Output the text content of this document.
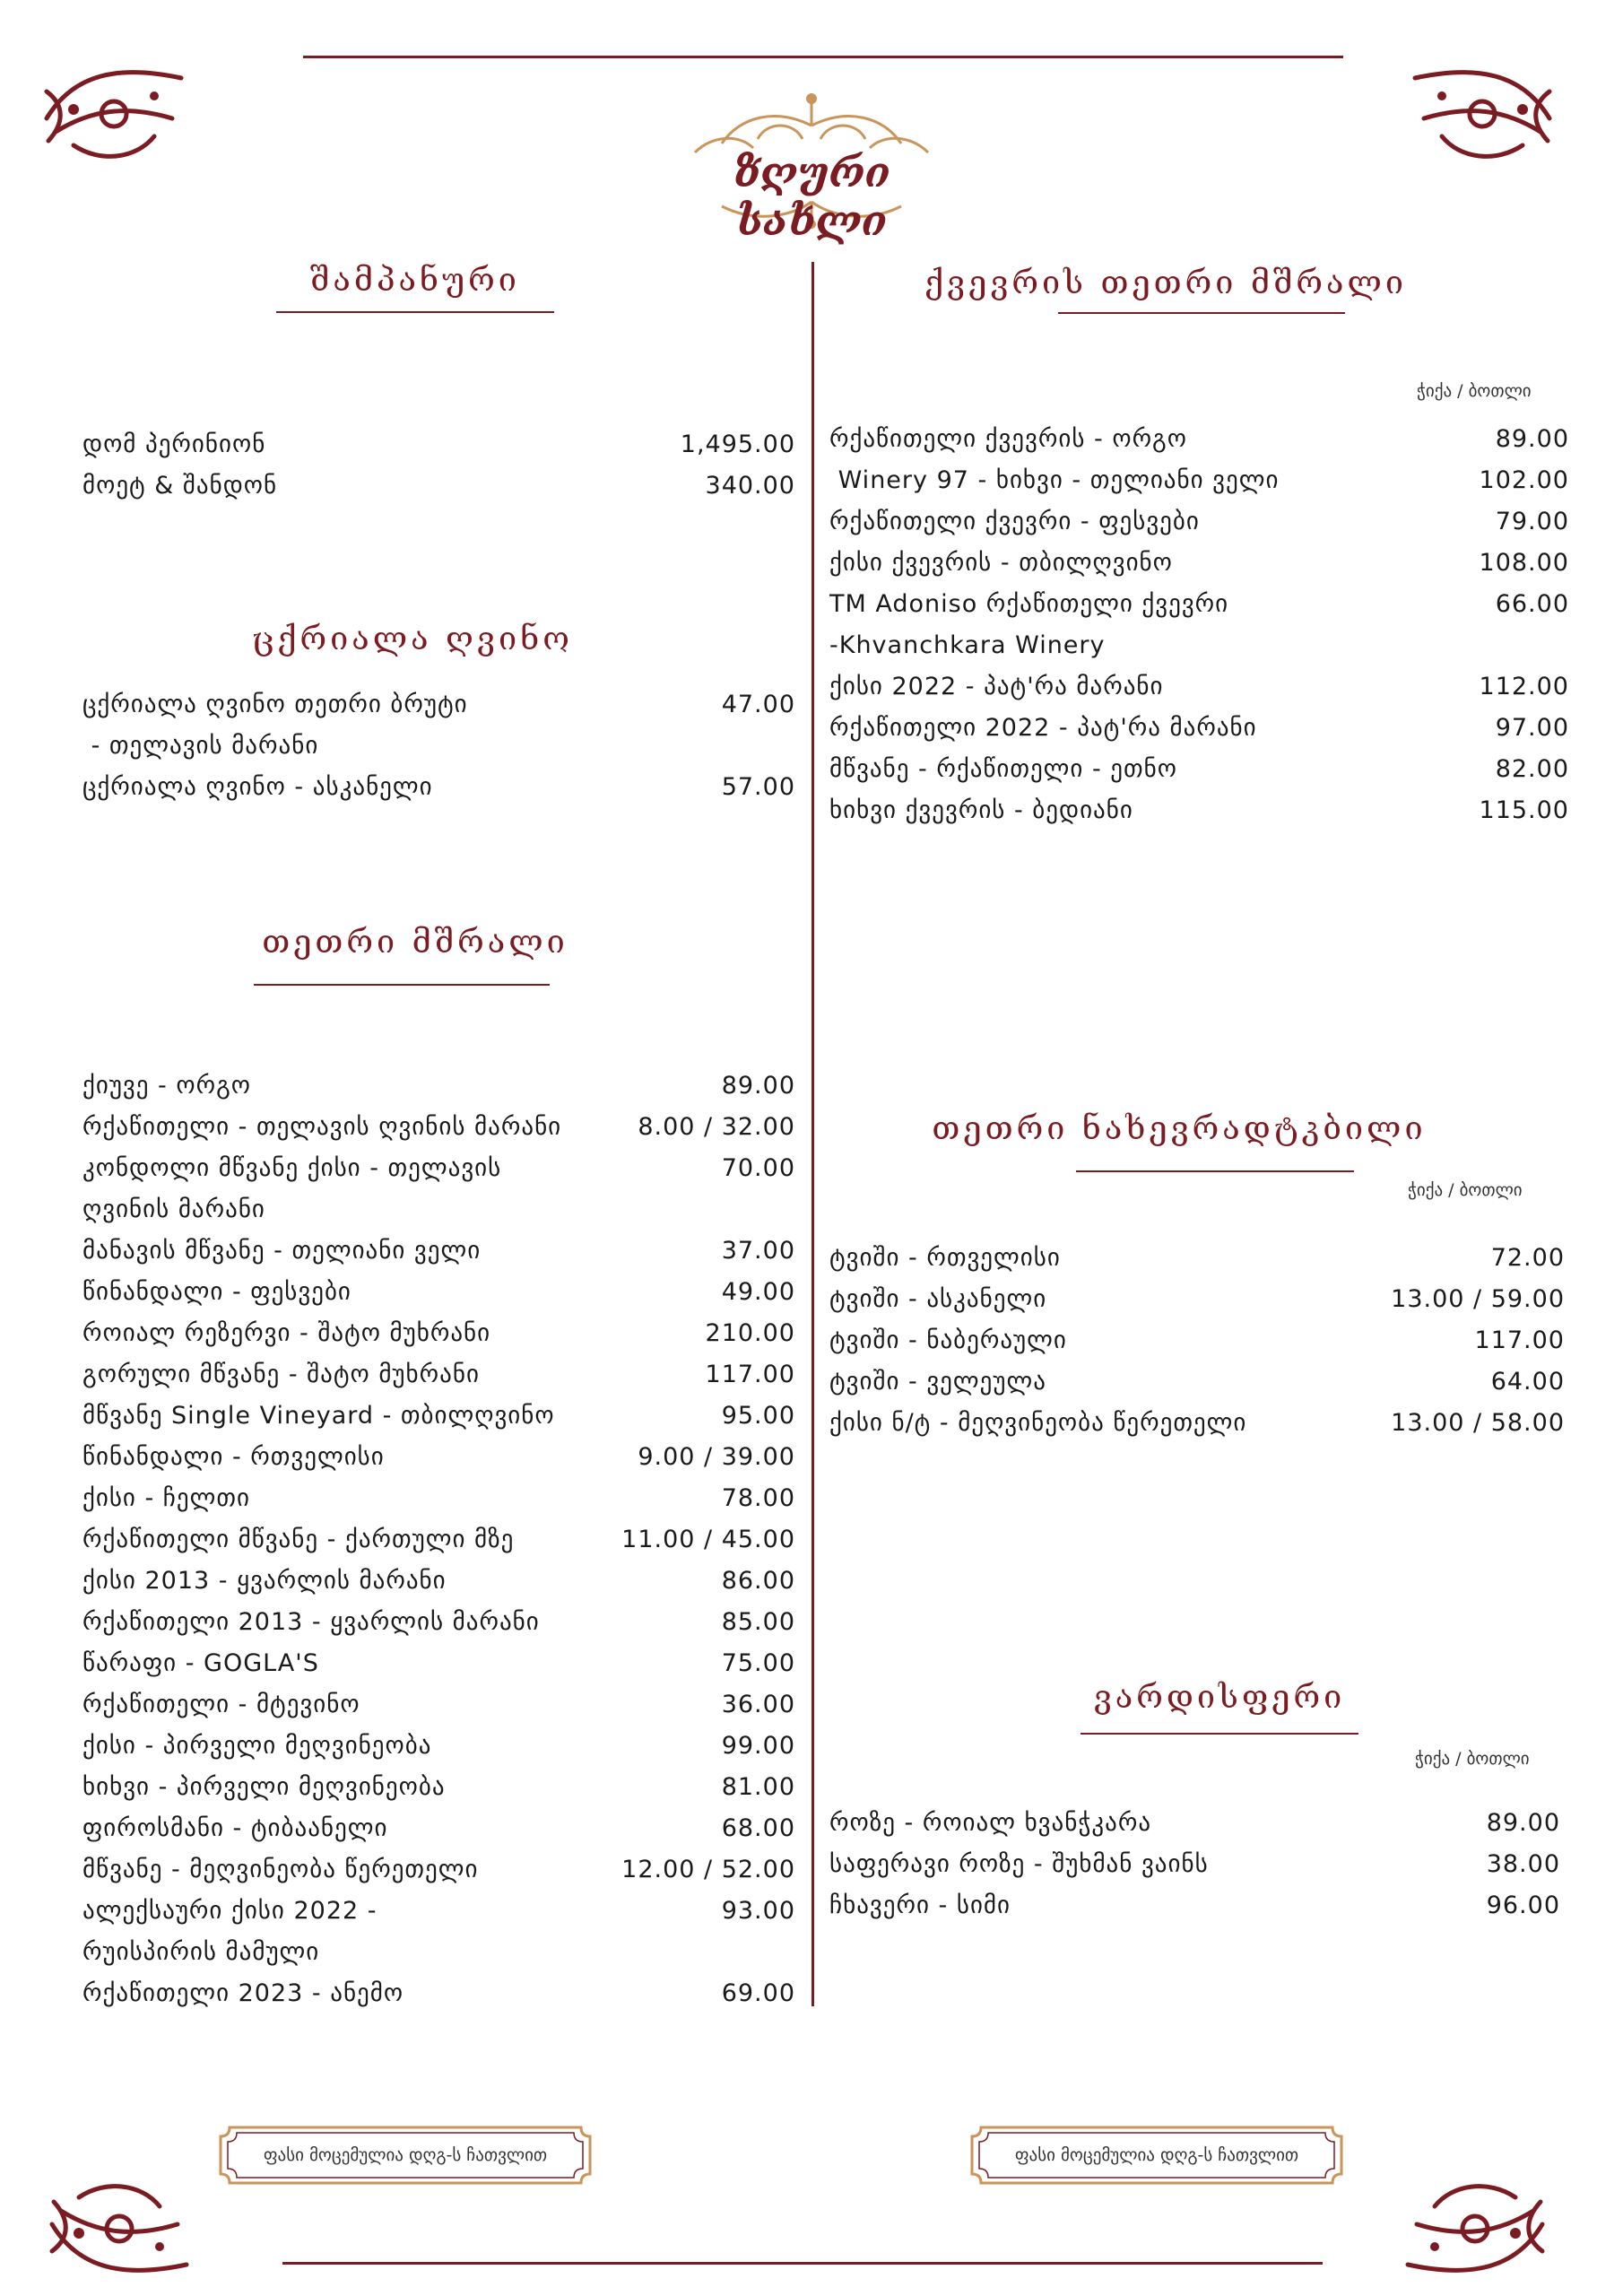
ზღური სახლი
შამპანური
დომ პერინიონ	1,495.00
მოეტ & შანდონ	340.00
ცქრიალა ღვინო
ცქრიალა ღვინო თეთრი ბრუტი	47.00
- თელავის მარანი
ცქრიალა ღვინო - ასკანელი	57.00
თეთრი მშრალი
ქიუვე - ორგო	89.00
რქაწითელი - თელავის ღვინის მარანი	8.00 / 32.00
კონდოლი მწვანე ქისი - თელავის	70.00
ღვინის მარანი
მანავის მწვანე - თელიანი ველი	37.00
წინანდალი - ფესვები	49.00
როიალ რეზერვი - შატო მუხრანი	210.00
გორული მწვანე - შატო მუხრანი	117.00
მწვანე Single Vineyard - თბილღვინო	95.00
წინანდალი - რთველისი	9.00 / 39.00
ქისი - ჩელთი	78.00
რქაწითელი მწვანე - ქართული მზე	11.00 / 45.00
ქისი 2013 - ყვარლის მარანი	86.00
რქაწითელი 2013 - ყვარლის მარანი	85.00
წარაფი - GOGLA'S	75.00
რქაწითელი - მტევინო	36.00
ქისი - პირველი მეღვინეობა	99.00
ხიხვი - პირველი მეღვინეობა	81.00
ფიროსმანი - ტიბაანელი	68.00
მწვანე - მეღვინეობა წერეთელი	12.00 / 52.00
ალექსაური ქისი 2022 -	93.00
რუისპირის მამული
რქაწითელი 2023 - ანემო	69.00
ქვევრის თეთრი მშრალი
ჭიქა / ბოთლი
რქაწითელი ქვევრის - ორგო	89.00
Winery 97 - ხიხვი - თელიანი ველი	102.00
რქაწითელი ქვევრი - ფესვები	79.00
ქისი ქვევრის - თბილღვინო	108.00
TM Adoniso რქაწითელი ქვევრი	66.00
-Khvanchkara Winery
ქისი 2022 - პატ'რა მარანი	112.00
რქაწითელი 2022 - პატ'რა მარანი	97.00
მწვანე - რქაწითელი - ეთნო	82.00
ხიხვი ქვევრის - ბედიანი	115.00
თეთრი ნახევრადტკბილი
ჭიქა / ბოთლი
ტვიში - რთველისი	72.00
ტვიში - ასკანელი	13.00 / 59.00
ტვიში - ნაბერაული	117.00
ტვიში - ველეულა	64.00
ქისი ნ/ტ - მეღვინეობა წერეთელი	13.00 / 58.00
ვარდისფერი
ჭიქა / ბოთლი
როზე - როიალ ხვანჭკარა	89.00
საფერავი როზე - შუხმან ვაინს	38.00
ჩხავერი - სიმი	96.00
ფასი მოცემულია დღგ-ს ჩათვლით	ფასი მოცემულია დღგ-ს ჩათვლით
